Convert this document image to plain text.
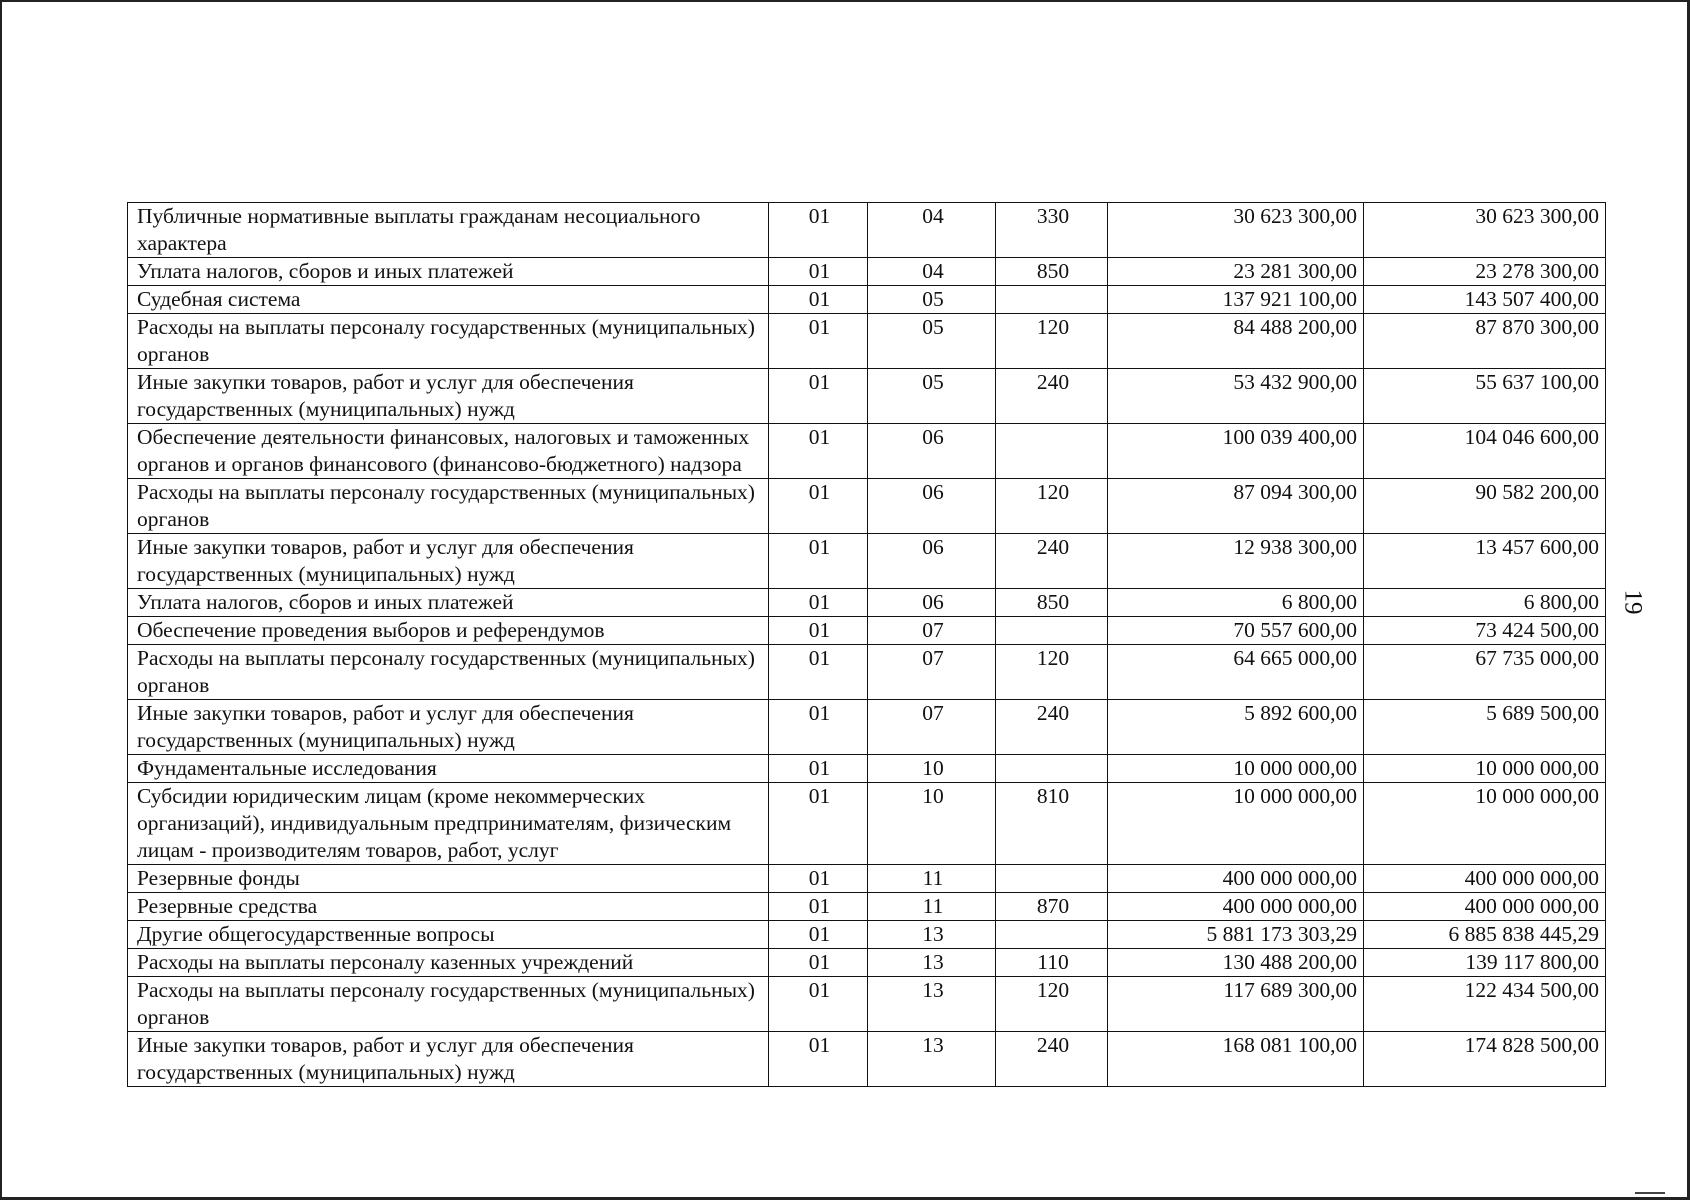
Публичные нормативные выплаты гражданам несоциального характера	01	04	330	30 623 300,00	30 623 300,00
Уплата налогов, сборов и иных платежей	01	04	850	23 281 300,00	23 278 300,00
Судебная система	01	05		137 921 100,00	143 507 400,00
Расходы на выплаты персоналу государственных (муниципальных) органов	01	05	120	84 488 200,00	87 870 300,00
Иные закупки товаров, работ и услуг для обеспечения государственных (муниципальных) нужд	01	05	240	53 432 900,00	55 637 100,00
Обеспечение деятельности финансовых, налоговых и таможенных органов и органов финансового (финансово-бюджетного) надзора	01	06		100 039 400,00	104 046 600,00
Расходы на выплаты персоналу государственных (муниципальных) органов	01	06	120	87 094 300,00	90 582 200,00
Иные закупки товаров, работ и услуг для обеспечения государственных (муниципальных) нужд	01	06	240	12 938 300,00	13 457 600,00
Уплата налогов, сборов и иных платежей	01	06	850	6 800,00	6 800,00
Обеспечение проведения выборов и референдумов	01	07		70 557 600,00	73 424 500,00
Расходы на выплаты персоналу государственных (муниципальных) органов	01	07	120	64 665 000,00	67 735 000,00
Иные закупки товаров, работ и услуг для обеспечения государственных (муниципальных) нужд	01	07	240	5 892 600,00	5 689 500,00
Фундаментальные исследования	01	10		10 000 000,00	10 000 000,00
Субсидии юридическим лицам (кроме некоммерческих организаций), индивидуальным предпринимателям, физическим лицам - производителям товаров, работ, услуг	01	10	810	10 000 000,00	10 000 000,00
Резервные фонды	01	11		400 000 000,00	400 000 000,00
Резервные средства	01	11	870	400 000 000,00	400 000 000,00
Другие общегосударственные вопросы	01	13		5 881 173 303,29	6 885 838 445,29
Расходы на выплаты персоналу казенных учреждений	01	13	110	130 488 200,00	139 117 800,00
Расходы на выплаты персоналу государственных (муниципальных) органов	01	13	120	117 689 300,00	122 434 500,00
Иные закупки товаров, работ и услуг для обеспечения государственных (муниципальных) нужд	01	13	240	168 081 100,00	174 828 500,00
19
